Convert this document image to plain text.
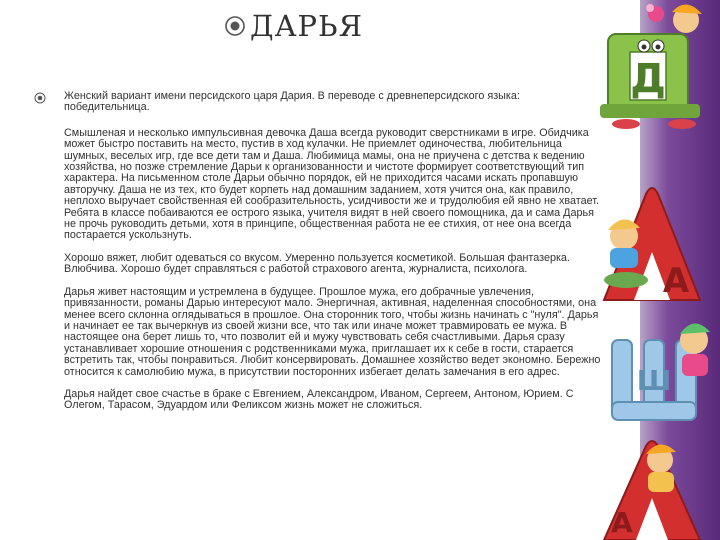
ДАРЬЯ
Женский вариант имени персидского царя Дария. В переводе с древнеперсидского языка: победительница.

Смышленая и несколько импульсивная девочка Даша всегда руководит сверстниками в игре. Обидчика может быстро поставить на место, пустив в ход кулачки. Не приемлет одиночества, любительница шумных, веселых игр, где все дети там и Даша. Любимица мамы, она не приучена с детства к ведению хозяйства, но позже стремление Дарьи к организованности и чистоте формирует соответствующий тип характера. На письменном столе Дарьи обычно порядок, ей не приходится часами искать пропавшую авторучку. Даша не из тех, кто будет корпеть над домашним заданием, хотя учится она, как правило, неплохо выручает свойственная ей сообразительность, усидчивости же и трудолюбия ей явно не хватает. Ребята в классе побаиваются ее острого языка, учителя видят в ней своего помощника, да и сама Дарья не прочь руководить детьми, хотя в принципе, общественная работа не ее стихия, от нее она всегда постарается ускользнуть.

Хорошо вяжет, любит одеваться со вкусом. Умеренно пользуется косметикой. Большая фантазерка. Влюбчива. Хорошо будет справляться с работой страхового агента, журналиста, психолога.

Дарья живет настоящим и устремлена в будущее. Прошлое мужа, его добрачные увлечения, привязанности, романы Дарью интересуют мало. Энергичная, активная, наделенная способностями, она менее всего склонна оглядываться в прошлое. Она сторонник того, чтобы жизнь начинать с "нуля". Дарья и начинает ее так вычеркнув из своей жизни все, что так или иначе может травмировать ее мужа. В настоящее она берет лишь то, что позволит ей и мужу чувствовать себя счастливыми. Дарья сразу устанавливает хорошие отношения с родственниками мужа, приглашает их к себе в гости, старается встретить так, чтобы понравиться. Любит консервировать. Домашнее хозяйство ведет экономно. Бережно относится к самолюбию мужа, в присутствии посторонних избегает делать замечания в его адрес.

Дарья найдет свое счастье в браке с Евгением, Александром, Иваном, Сергеем, Антоном, Юрием. С Олегом, Тарасом, Эдуардом или Феликсом жизнь может не сложиться.

Д
А
Ш
А
